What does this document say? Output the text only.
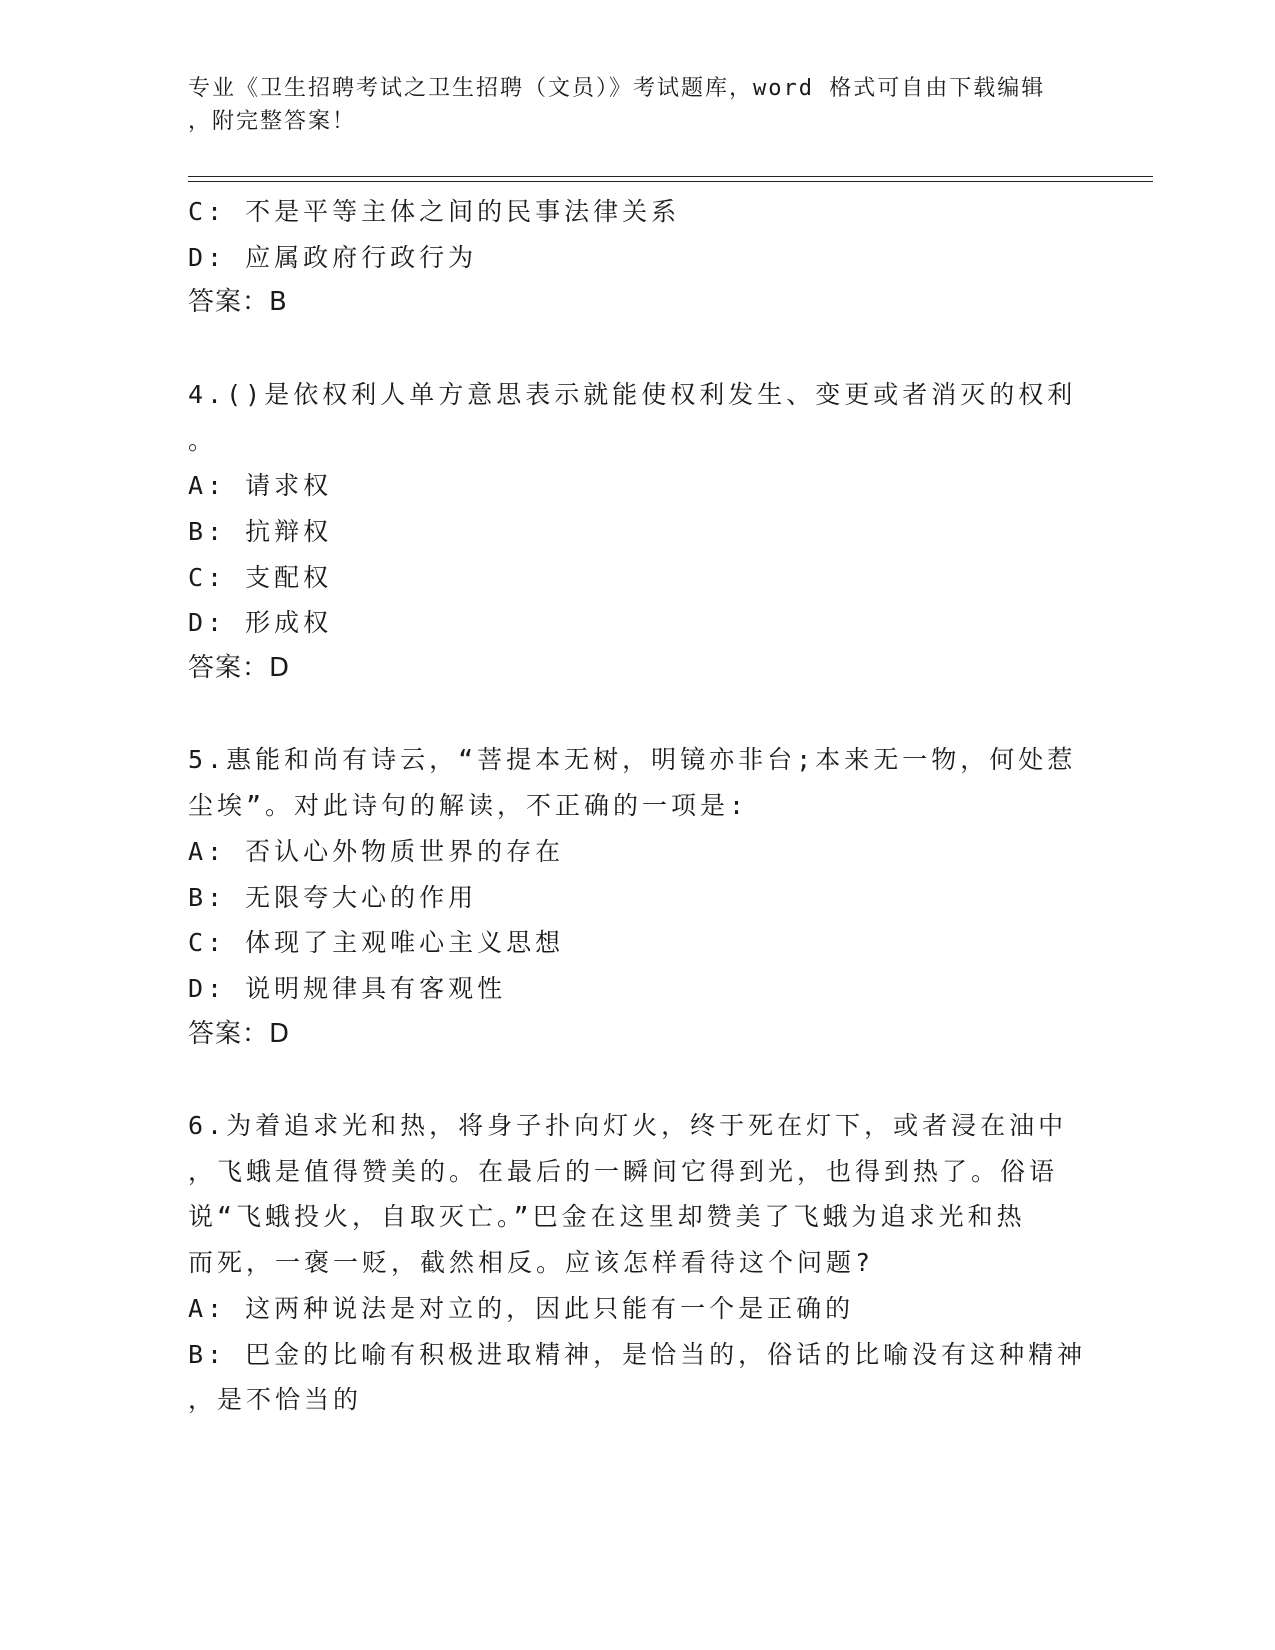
专业《卫生招聘考试之卫生招聘（文员）》考试题库，word 格式可自由下载编辑
，附完整答案！
C: 不是平等主体之间的民事法律关系
D: 应属政府行政行为
答案：B
4.()是依权利人单方意思表示就能使权利发生、变更或者消灭的权利
。
A: 请求权
B: 抗辩权
C: 支配权
D: 形成权
答案：D
5.惠能和尚有诗云，“菩提本无树，明镜亦非台;本来无一物，何处惹
尘埃”。对此诗句的解读，不正确的一项是:
A: 否认心外物质世界的存在
B: 无限夸大心的作用
C: 体现了主观唯心主义思想
D: 说明规律具有客观性
答案：D
6.为着追求光和热，将身子扑向灯火，终于死在灯下，或者浸在油中
，飞蛾是值得赞美的。在最后的一瞬间它得到光，也得到热了。俗语
说“飞蛾投火，自取灭亡。”巴金在这里却赞美了飞蛾为追求光和热
而死，一褒一贬，截然相反。应该怎样看待这个问题?
A: 这两种说法是对立的，因此只能有一个是正确的
B: 巴金的比喻有积极进取精神，是恰当的，俗话的比喻没有这种精神
，是不恰当的
